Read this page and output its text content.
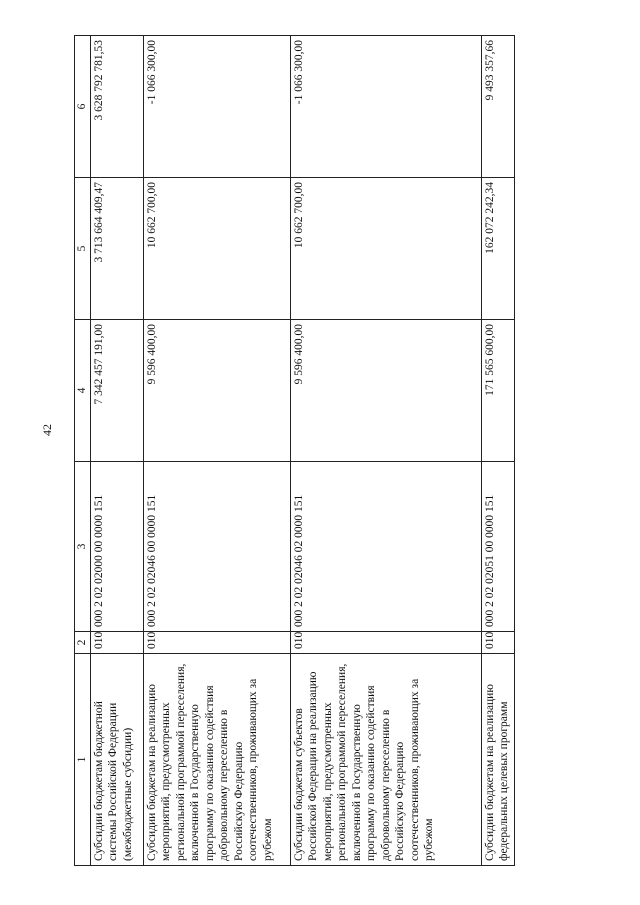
42
1	2	3	4	5	6
Субсидии бюджетам бюджетной системы Российской Федерации (межбюджетные субсидии)	010	000 2 02 02000 00 0000 151	7 342 457 191,00	3 713 664 409,47	3 628 792 781,53
Субсидии бюджетам на реализацию мероприятий, предусмотренных региональной программой переселения, включенной в Государственную программу по оказанию содействия добровольному переселению в Российскую Федерацию соотечественников, проживающих за рубежом	010	000 2 02 02046 00 0000 151	9 596 400,00	10 662 700,00	-1 066 300,00
Субсидии бюджетам субъектов Российской Федерации на реализацию мероприятий, предусмотренных региональной программой переселения, включенной в Государственную программу по оказанию содействия добровольному переселению в Российскую Федерацию соотечественников, проживающих за рубежом	010	000 2 02 02046 02 0000 151	9 596 400,00	10 662 700,00	-1 066 300,00
Субсидии бюджетам на реализацию федеральных целевых программ	010	000 2 02 02051 00 0000 151	171 565 600,00	162 072 242,34	9 493 357,66
